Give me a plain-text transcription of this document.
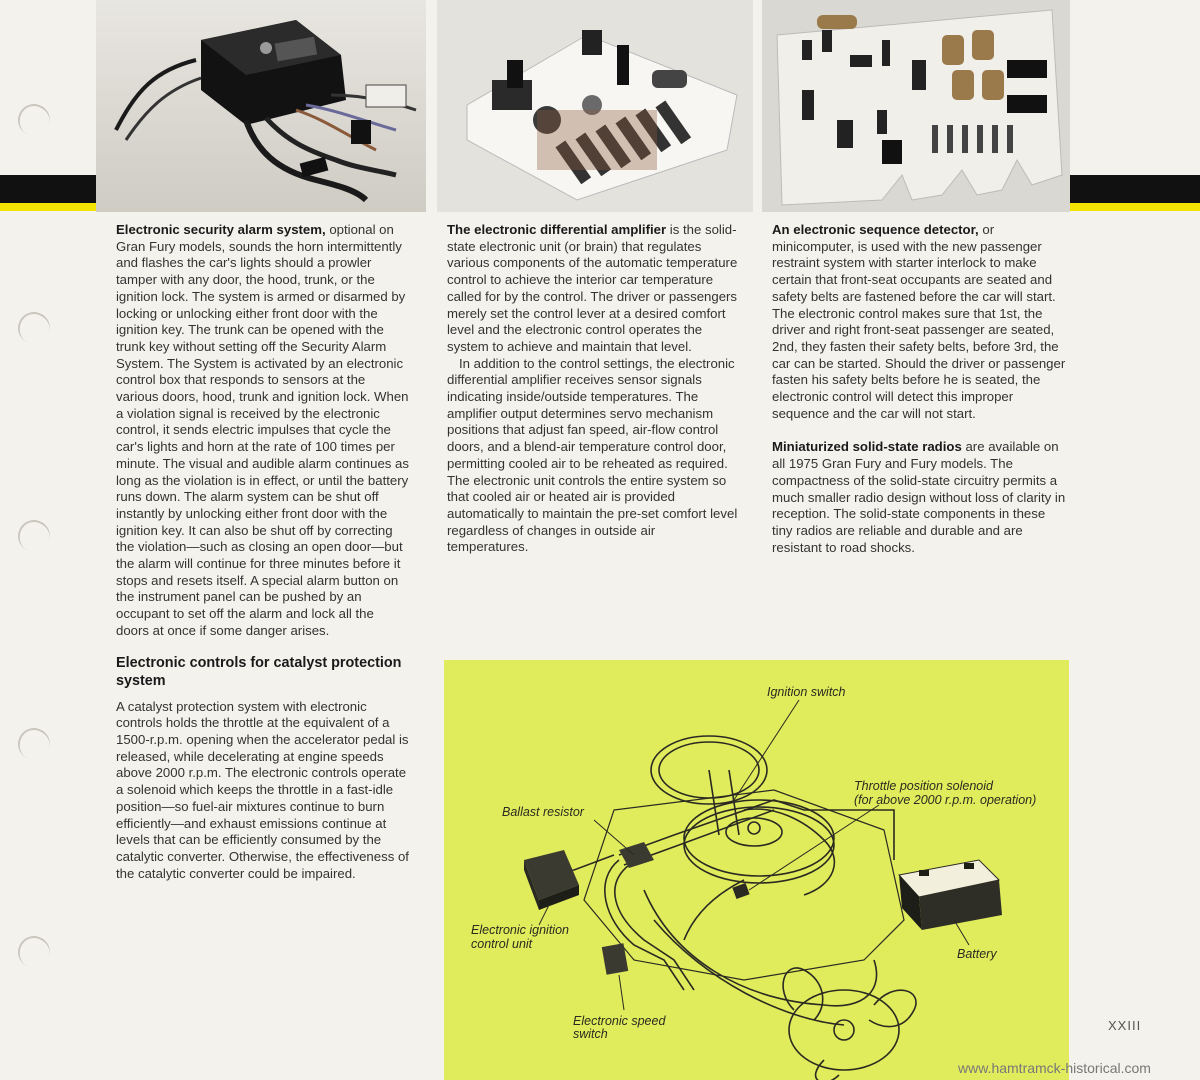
Electronic security alarm system, optional on Gran Fury models, sounds the horn intermittently and flashes the car's lights should a prowler tamper with any door, the hood, trunk, or the ignition lock. The system is armed or disarmed by locking or unlocking either front door with the ignition key. The trunk can be opened with the trunk key without setting off the Security Alarm System. The System is activated by an electronic control box that responds to sensors at the various doors, hood, trunk and ignition lock. When a violation signal is received by the electronic control, it sends electric impulses that cycle the car's lights and horn at the rate of 100 times per minute. The visual and audible alarm continues as long as the violation is in effect, or until the battery runs down. The alarm system can be shut off instantly by unlocking either front door with the ignition key. It can also be shut off by correcting the violation—such as closing an open door—but the alarm will continue for three minutes before it stops and resets itself. A special alarm button on the instrument panel can be pushed by an occupant to set off the alarm and lock all the doors at once if some danger arises.

Electronic controls for catalyst protection system

A catalyst protection system with electronic controls holds the throttle at the equivalent of a 1500-r.p.m. opening when the accelerator pedal is released, while decelerating at engine speeds above 2000 r.p.m. The electronic controls operate a solenoid which keeps the throttle in a fast-idle position—so fuel-air mixtures continue to burn efficiently—and exhaust emissions continue at levels that can be efficiently consumed by the catalytic converter. Otherwise, the effectiveness of the catalytic converter could be impaired.

The electronic differential amplifier is the solid-state electronic unit (or brain) that regulates various components of the automatic temperature control to achieve the interior car temperature called for by the control. The driver or passengers merely set the control lever at a desired comfort level and the electronic control operates the system to achieve and maintain that level.

In addition to the control settings, the electronic differential amplifier receives sensor signals indicating inside/outside temperatures. The amplifier output determines servo mechanism positions that adjust fan speed, air-flow control doors, and a blend-air temperature control door, permitting cooled air to be reheated as required. The electronic unit controls the entire system so that cooled air or heated air is provided automatically to maintain the pre-set comfort level regardless of changes in outside air temperatures.

An electronic sequence detector, or minicomputer, is used with the new passenger restraint system with starter interlock to make certain that front-seat occupants are seated and safety belts are fastened before the car will start. The electronic control makes sure that 1st, the driver and right front-seat passenger are seated, 2nd, they fasten their safety belts, before 3rd, the car can be started. Should the driver or passenger fasten his safety belts before he is seated, the electronic control will detect this improper sequence and the car will not start.

Miniaturized solid-state radios are available on all 1975 Gran Fury and Fury models. The compactness of the solid-state circuitry permits a much smaller radio design without loss of clarity in reception. The solid-state components in these tiny radios are reliable and durable and are resistant to road shocks.

Ignition switch
Throttle position solenoid
(for above 2000 r.p.m. operation)
Ballast resistor
Electronic ignition
control unit
Battery
Electronic speed
switch
XXIII
www.hamtramck-historical.com
